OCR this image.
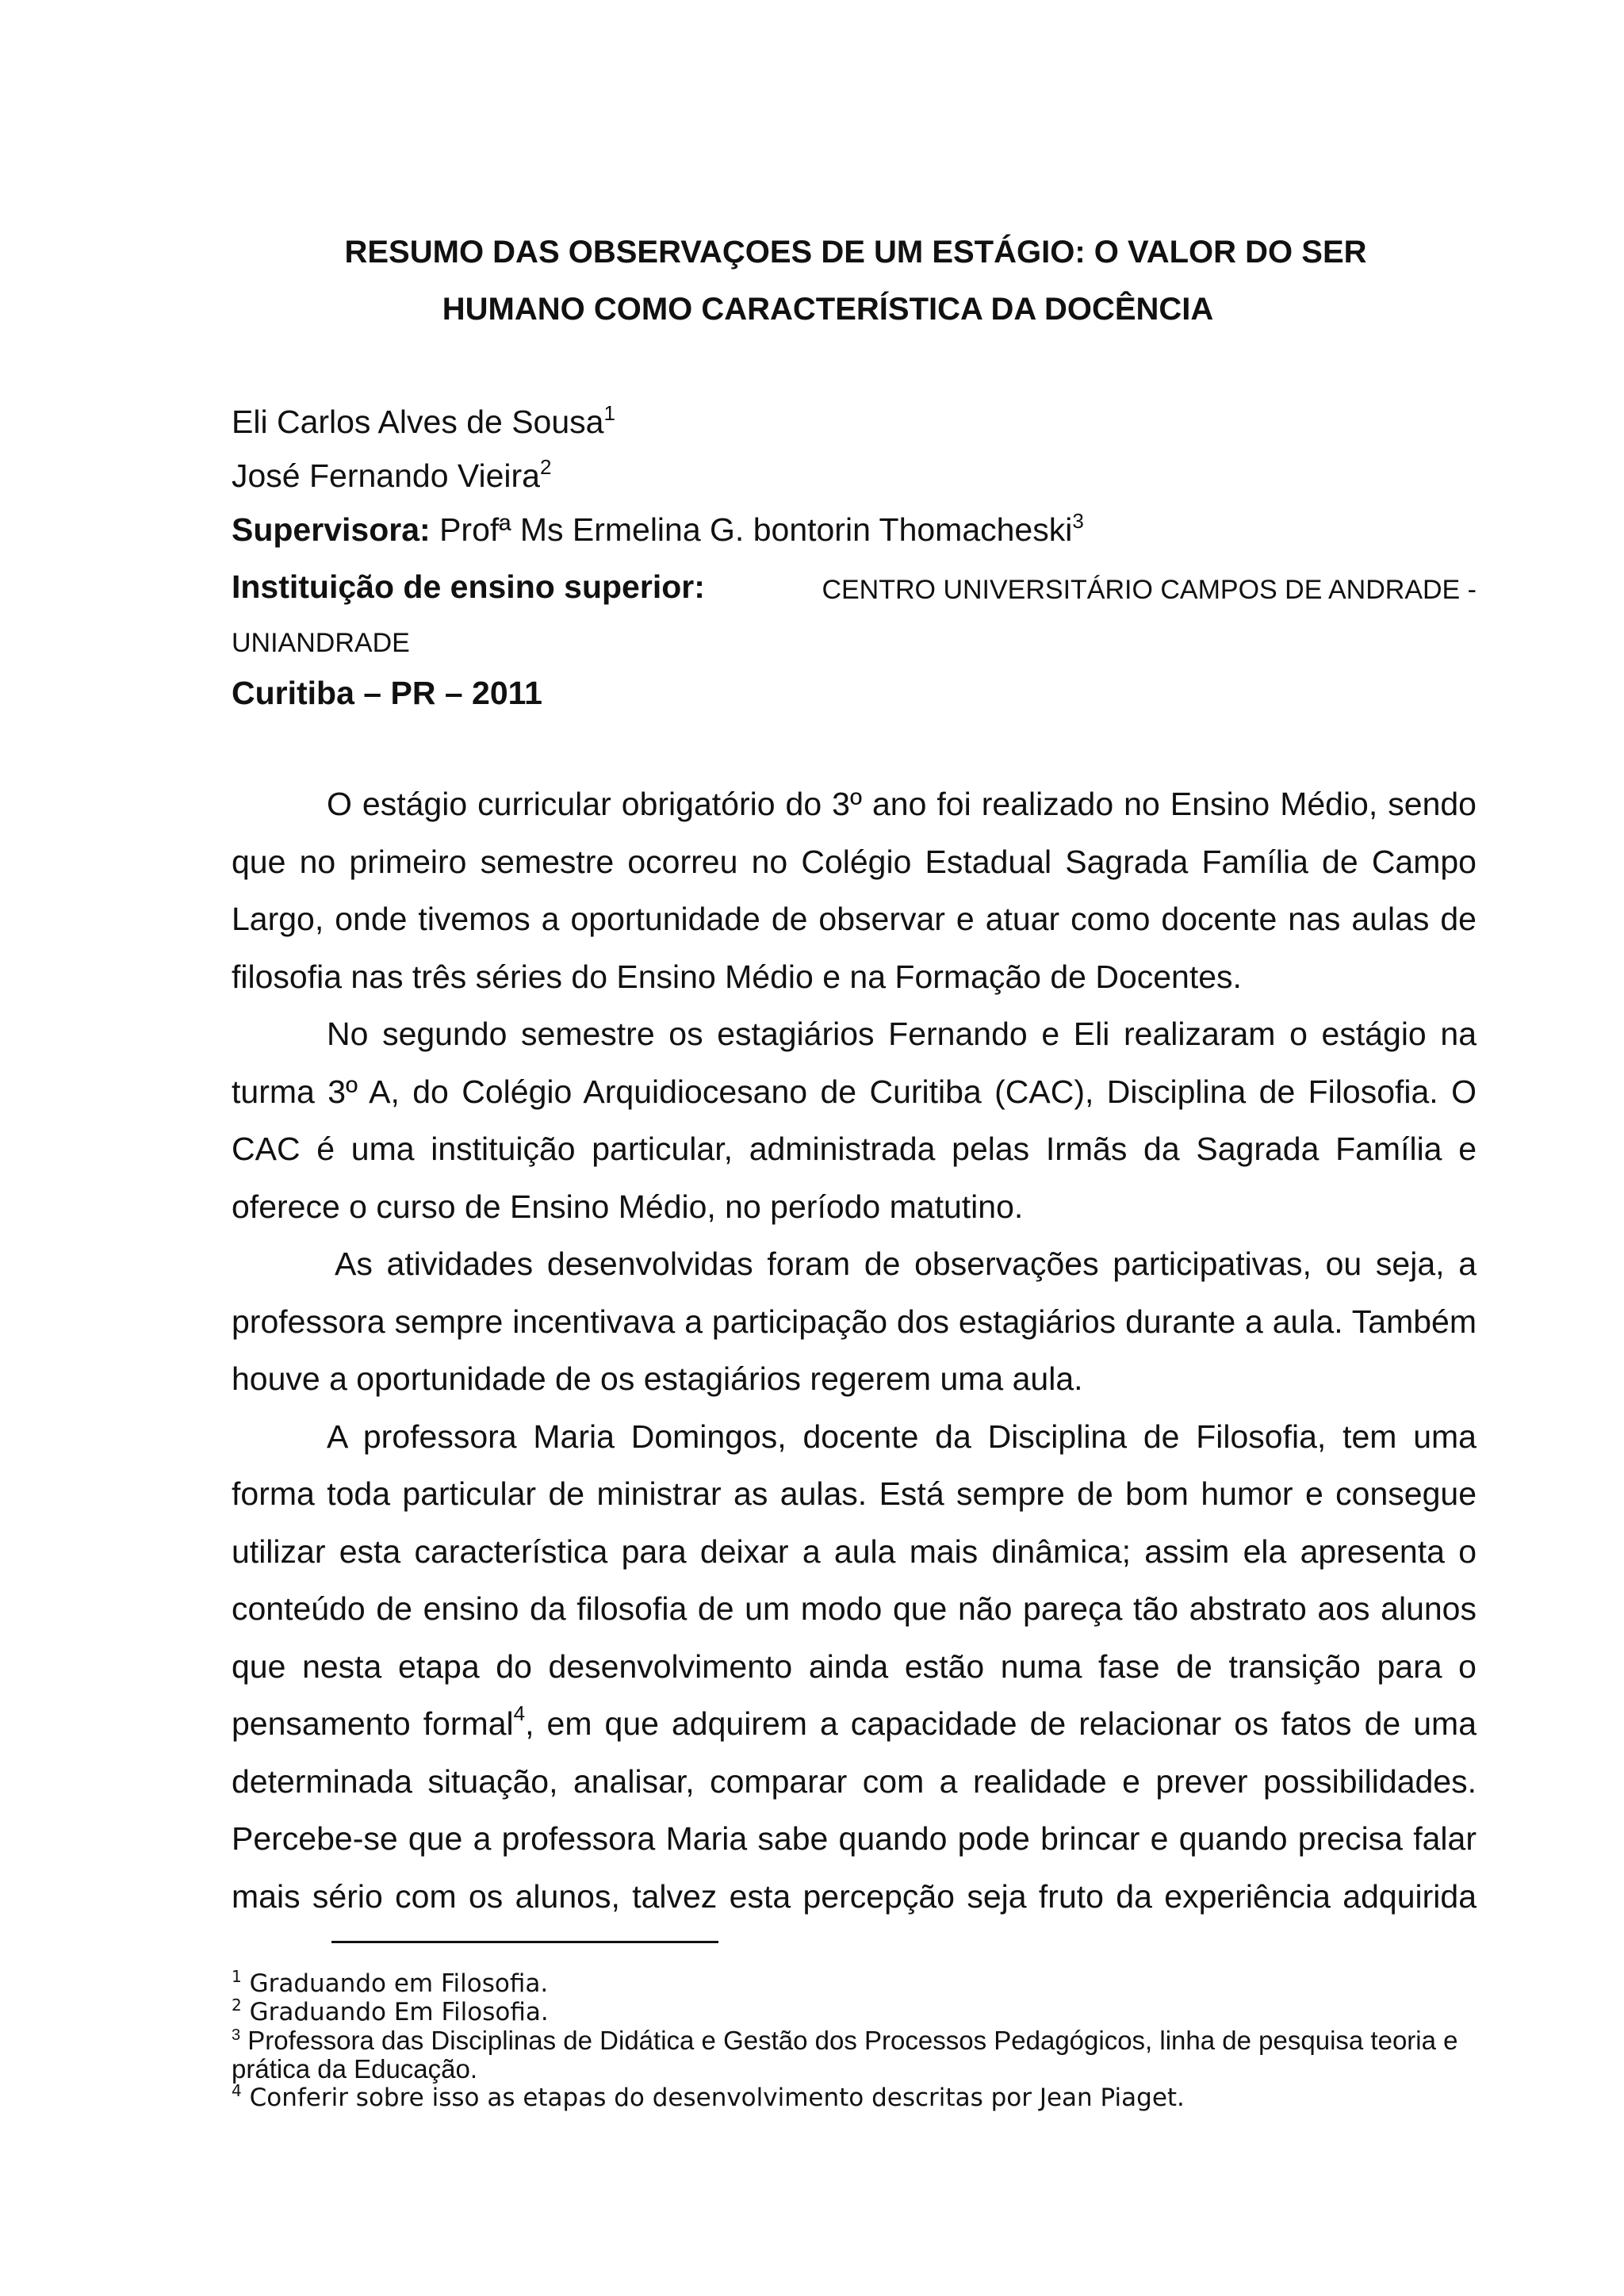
RESUMO DAS OBSERVAÇOES DE UM ESTÁGIO: O VALOR DO SER
HUMANO COMO CARACTERÍSTICA DA DOCÊNCIA
Eli Carlos Alves de Sousa$^1$
José Fernando Vieira$^2$
Supervisora: Profª Ms Ermelina G. bontorin Thomacheski$^3$
Instituição de ensino superior:	CENTRO UNIVERSITÁRIO CAMPOS DE ANDRADE -
UNIANDRADE
Curitiba – PR – 2011

O estágio curricular obrigatório do 3º ano foi realizado no Ensino Médio, sendo que no primeiro semestre ocorreu no Colégio Estadual Sagrada Família de Campo Largo, onde tivemos a oportunidade de observar e atuar como docente nas aulas de filosofia nas três séries do Ensino Médio e na Formação de Docentes.

No segundo semestre os estagiários Fernando e Eli realizaram o estágio na turma 3º A, do Colégio Arquidiocesano de Curitiba (CAC), Disciplina de Filosofia. O CAC é uma instituição particular, administrada pelas Irmãs da Sagrada Família e oferece o curso de Ensino Médio, no período matutino.

As atividades desenvolvidas foram de observações participativas, ou seja, a professora sempre incentivava a participação dos estagiários durante a aula. Também houve a oportunidade de os estagiários regerem uma aula.

A professora Maria Domingos, docente da Disciplina de Filosofia, tem uma forma toda particular de ministrar as aulas. Está sempre de bom humor e consegue utilizar esta característica para deixar a aula mais dinâmica; assim ela apresenta o conteúdo de ensino da filosofia de um modo que não pareça tão abstrato aos alunos que nesta etapa do desenvolvimento ainda estão numa fase de transição para o pensamento formal$^4$, em que adquirem a capacidade de relacionar os fatos de uma determinada situação, analisar, comparar com a realidade e prever possibilidades. Percebe-se que a professora Maria sabe quando pode brincar e quando precisa falar mais sério com os alunos, talvez esta percepção seja fruto da experiência adquirida

$^1$ Graduando em Filosofia.

$^2$ Graduando Em Filosofia.

$^3$ Professora das Disciplinas de Didática e Gestão dos Processos Pedagógicos, linha de pesquisa teoria e prática da Educação.

$^4$ Conferir sobre isso as etapas do desenvolvimento descritas por Jean Piaget.
